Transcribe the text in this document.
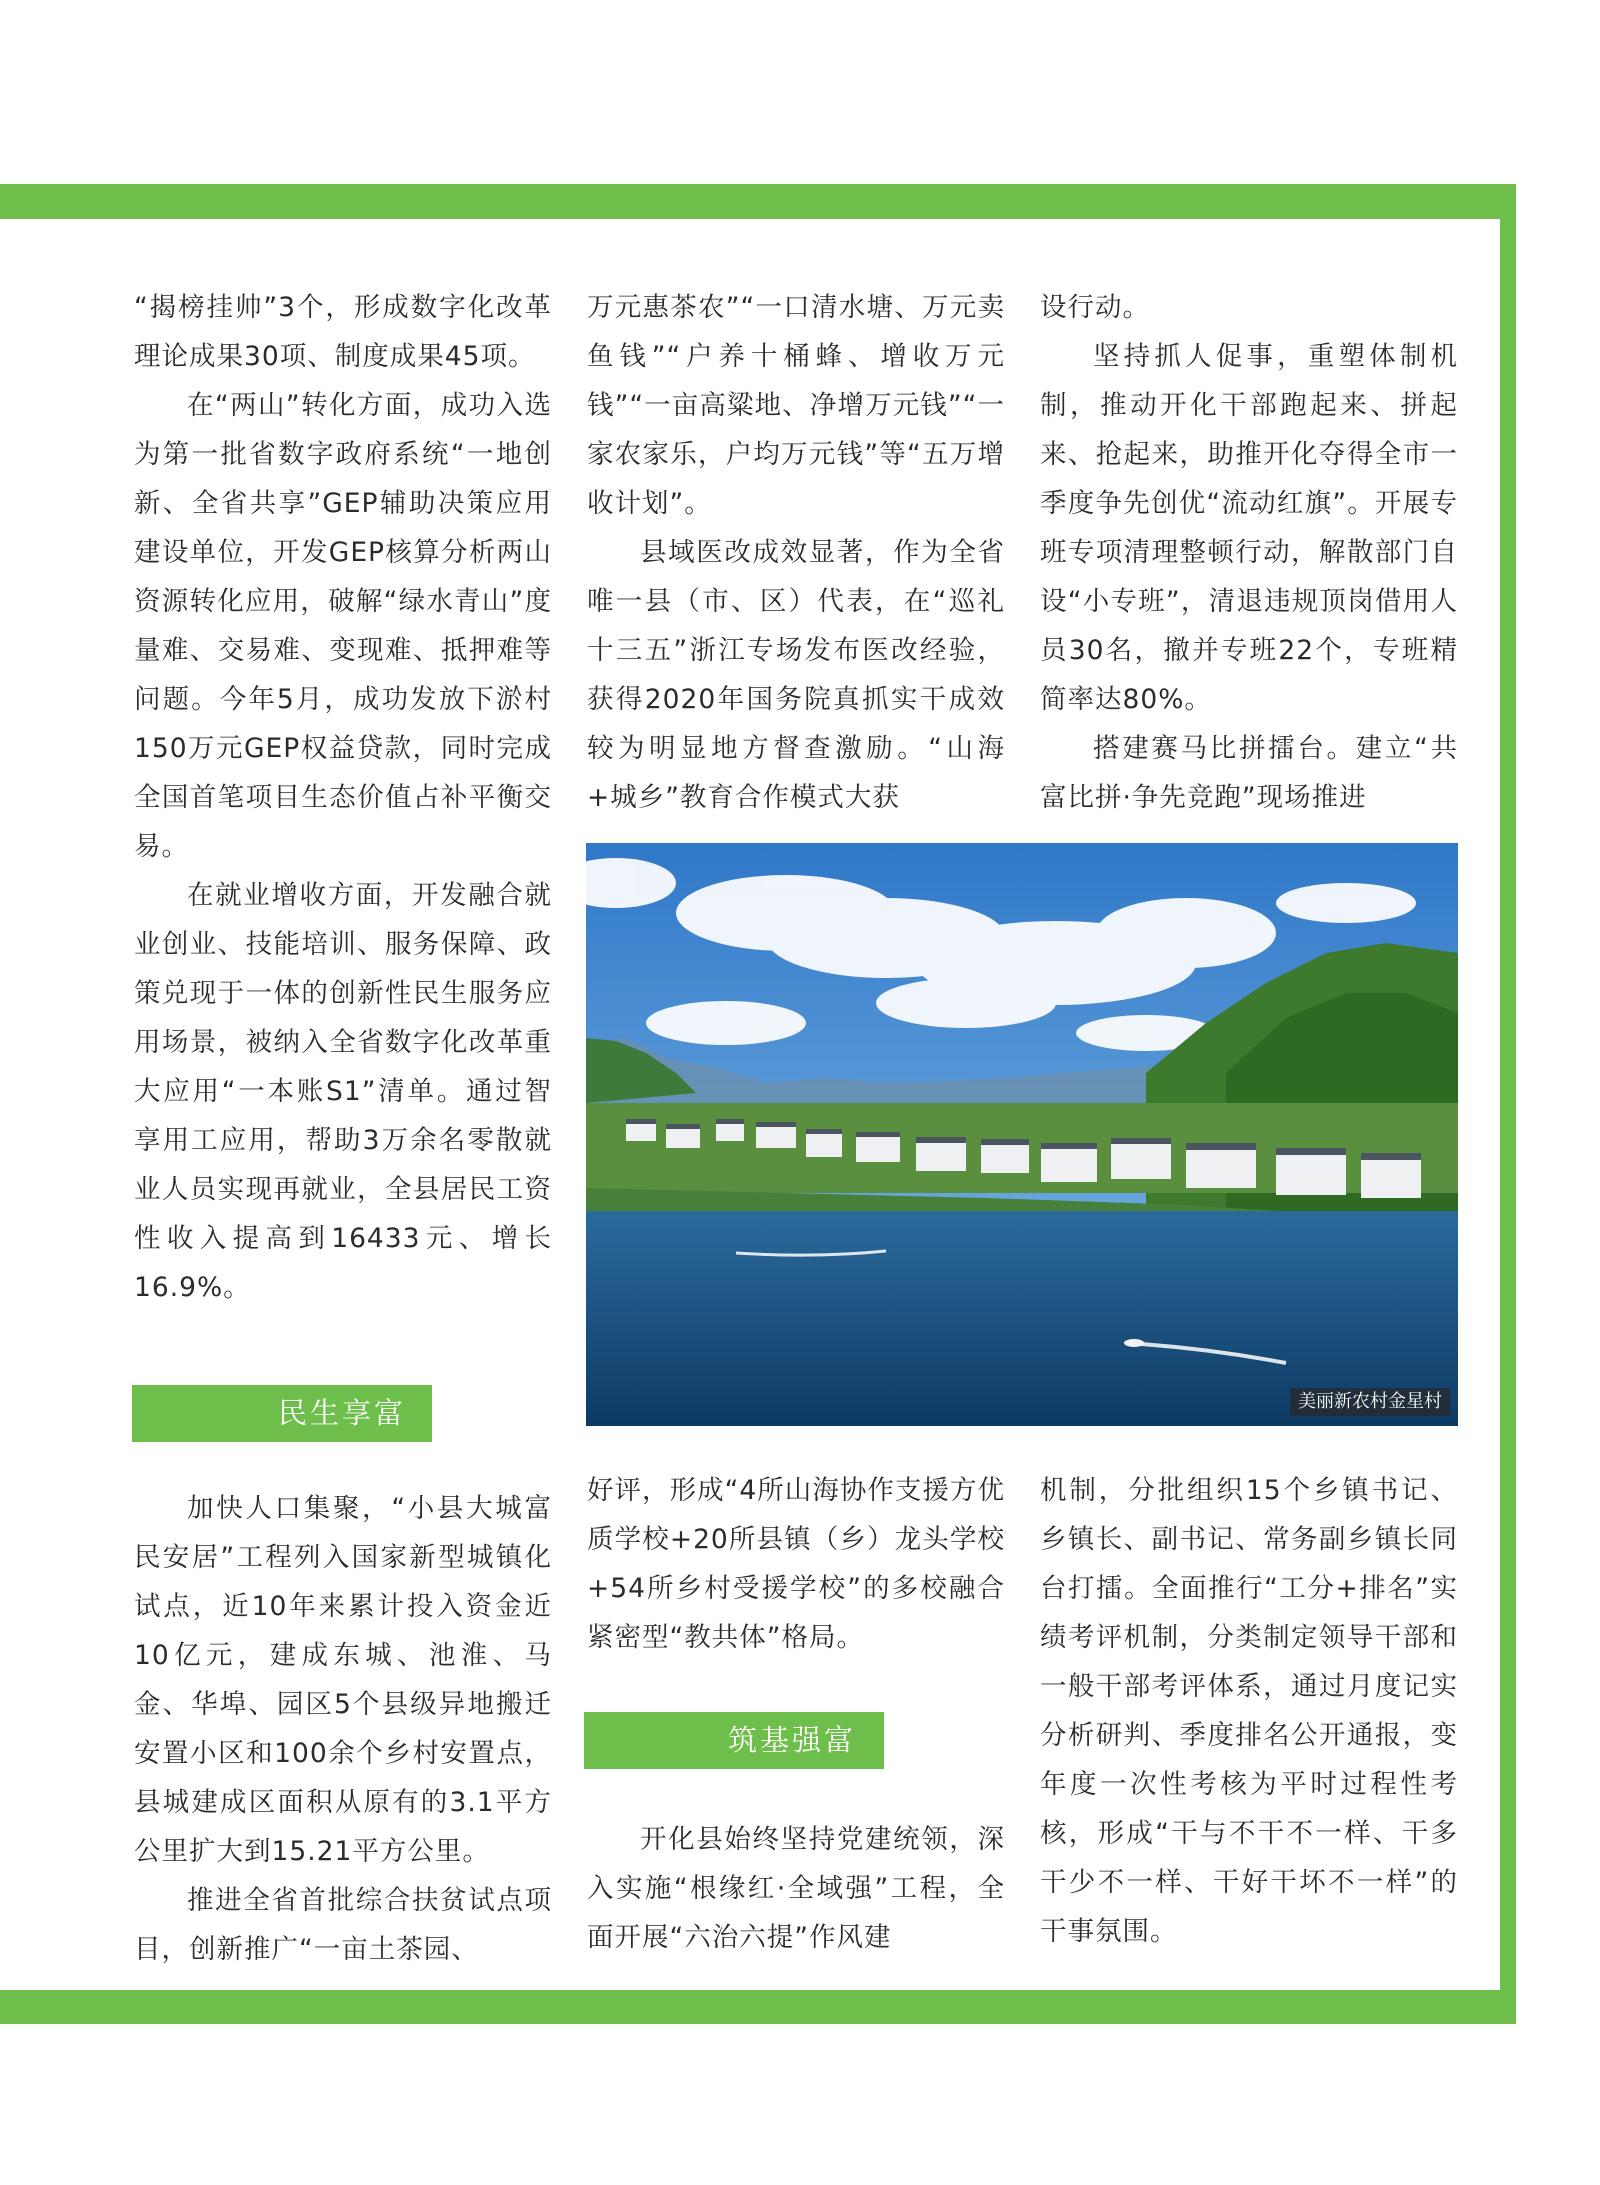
“揭榜挂帅”3个，形成数字化改革理论成果30项、制度成果45项。

在“两山”转化方面，成功入选为第一批省数字政府系统“一地创新、全省共享”GEP辅助决策应用建设单位，开发GEP核算分析两山资源转化应用，破解“绿水青山”度量难、交易难、变现难、抵押难等问题。今年5月，成功发放下淤村150万元GEP权益贷款，同时完成全国首笔项目生态价值占补平衡交易。

在就业增收方面，开发融合就业创业、技能培训、服务保障、政策兑现于一体的创新性民生服务应用场景，被纳入全省数字化改革重大应用“一本账S1”清单。通过智享用工应用，帮助3万余名零散就业人员实现再就业，全县居民工资性收入提高到16433元、增长16.9%。

民生享富

加快人口集聚，“小县大城富民安居”工程列入国家新型城镇化试点，近10年来累计投入资金近10亿元，建成东城、池淮、马金、华埠、园区5个县级异地搬迁安置小区和100余个乡村安置点，县城建成区面积从原有的3.1平方公里扩大到15.21平方公里。

推进全省首批综合扶贫试点项目，创新推广“一亩土茶园、

万元惠茶农”“一口清水塘、万元卖鱼钱”“户养十桶蜂、增收万元钱”“一亩高粱地、净增万元钱”“一家农家乐，户均万元钱”等“五万增收计划”。

县域医改成效显著，作为全省唯一县（市、区）代表，在“巡礼十三五”浙江专场发布医改经验，获得2020年国务院真抓实干成效较为明显地方督查激励。“山海+城乡”教育合作模式大获

设行动。

坚持抓人促事，重塑体制机制，推动开化干部跑起来、拼起来、抢起来，助推开化夺得全市一季度争先创优“流动红旗”。开展专班专项清理整顿行动，解散部门自设“小专班”，清退违规顶岗借用人员30名，撤并专班22个，专班精简率达80%。

搭建赛马比拼擂台。建立“共富比拼·争先竞跑”现场推进

美丽新农村金星村

好评，形成“4所山海协作支援方优质学校+20所县镇（乡）龙头学校+54所乡村受援学校”的多校融合紧密型“教共体”格局。

筑基强富

开化县始终坚持党建统领，深入实施“根缘红·全域强”工程，全面开展“六治六提”作风建

机制，分批组织15个乡镇书记、乡镇长、副书记、常务副乡镇长同台打擂。全面推行“工分+排名”实绩考评机制，分类制定领导干部和一般干部考评体系，通过月度记实分析研判、季度排名公开通报，变年度一次性考核为平时过程性考核，形成“干与不干不一样、干多干少不一样、干好干坏不一样”的干事氛围。
